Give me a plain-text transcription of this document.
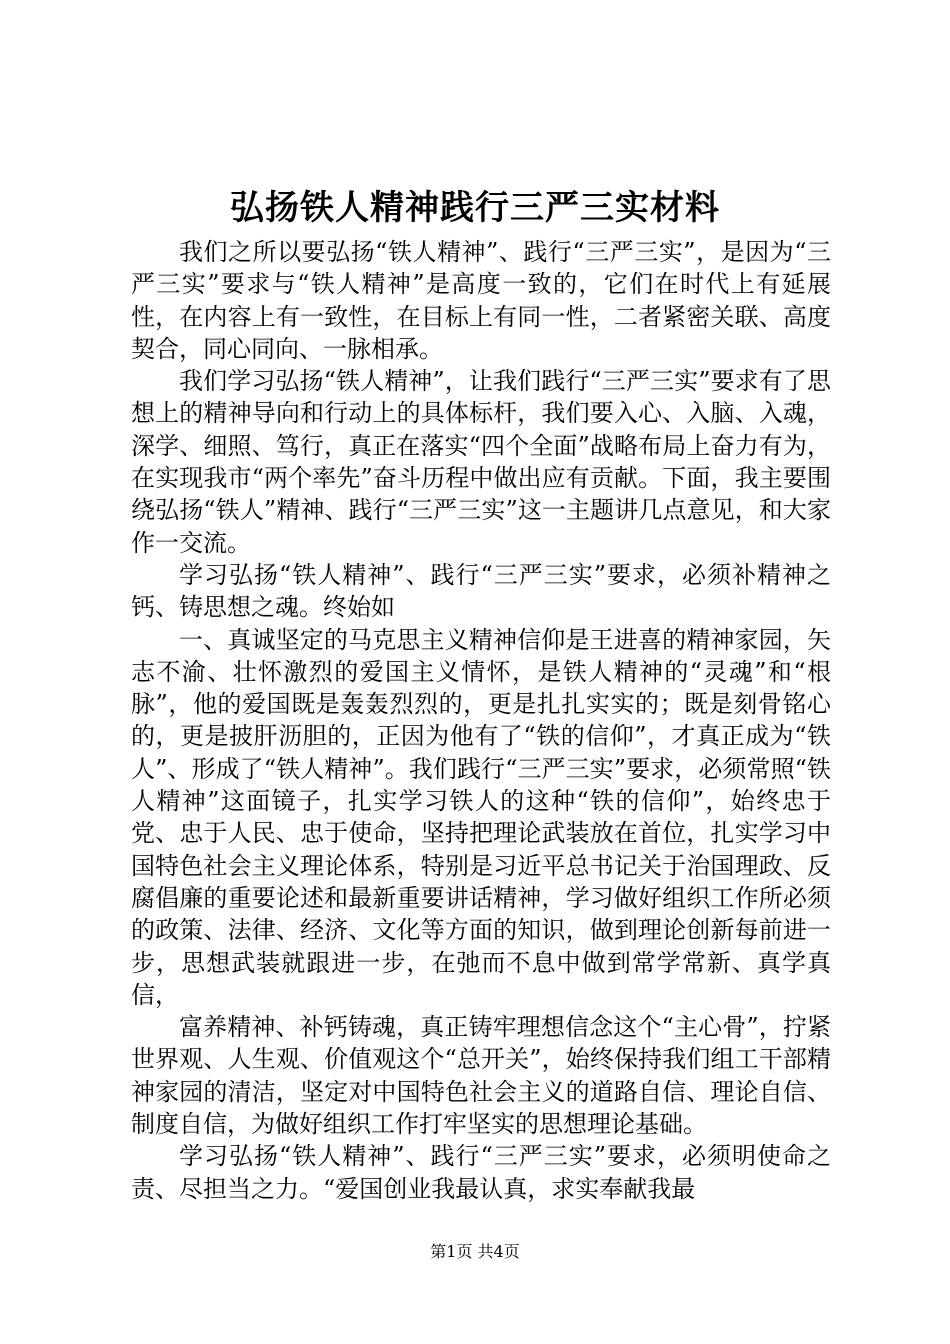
弘扬铁人精神践行三严三实材料

我们之所以要弘扬“铁人精神”、践行“三严三实”，是因为“三严三实”要求与“铁人精神”是高度一致的，它们在时代上有延展性，在内容上有一致性，在目标上有同一性，二者紧密关联、高度契合，同心同向、一脉相承。

我们学习弘扬“铁人精神”，让我们践行“三严三实”要求有了思想上的精神导向和行动上的具体标杆，我们要入心、入脑、入魂，深学、细照、笃行，真正在落实“四个全面”战略布局上奋力有为，在实现我市“两个率先”奋斗历程中做出应有贡献。下面，我主要围绕弘扬“铁人”精神、践行“三严三实”这一主题讲几点意见，和大家作一交流。

学习弘扬“铁人精神”、践行“三严三实”要求，必须补精神之钙、铸思想之魂。终始如

一、真诚坚定的马克思主义精神信仰是王进喜的精神家园，矢志不渝、壮怀激烈的爱国主义情怀，是铁人精神的“灵魂”和“根脉”，他的爱国既是轰轰烈烈的，更是扎扎实实的；既是刻骨铭心的，更是披肝沥胆的，正因为他有了“铁的信仰”，才真正成为“铁人”、形成了“铁人精神”。我们践行“三严三实”要求，必须常照“铁人精神”这面镜子，扎实学习铁人的这种“铁的信仰”，始终忠于党、忠于人民、忠于使命，坚持把理论武装放在首位，扎实学习中国特色社会主义理论体系，特别是习近平总书记关于治国理政、反腐倡廉的重要论述和最新重要讲话精神，学习做好组织工作所必须的政策、法律、经济、文化等方面的知识，做到理论创新每前进一步，思想武装就跟进一步，在弛而不息中做到常学常新、真学真信，

富养精神、补钙铸魂，真正铸牢理想信念这个“主心骨”，拧紧世界观、人生观、价值观这个“总开关”，始终保持我们组工干部精神家园的清洁，坚定对中国特色社会主义的道路自信、理论自信、制度自信，为做好组织工作打牢坚实的思想理论基础。

学习弘扬“铁人精神”、践行“三严三实”要求，必须明使命之责、尽担当之力。“爱国创业我最认真，求实奉献我最

第1页 共4页
